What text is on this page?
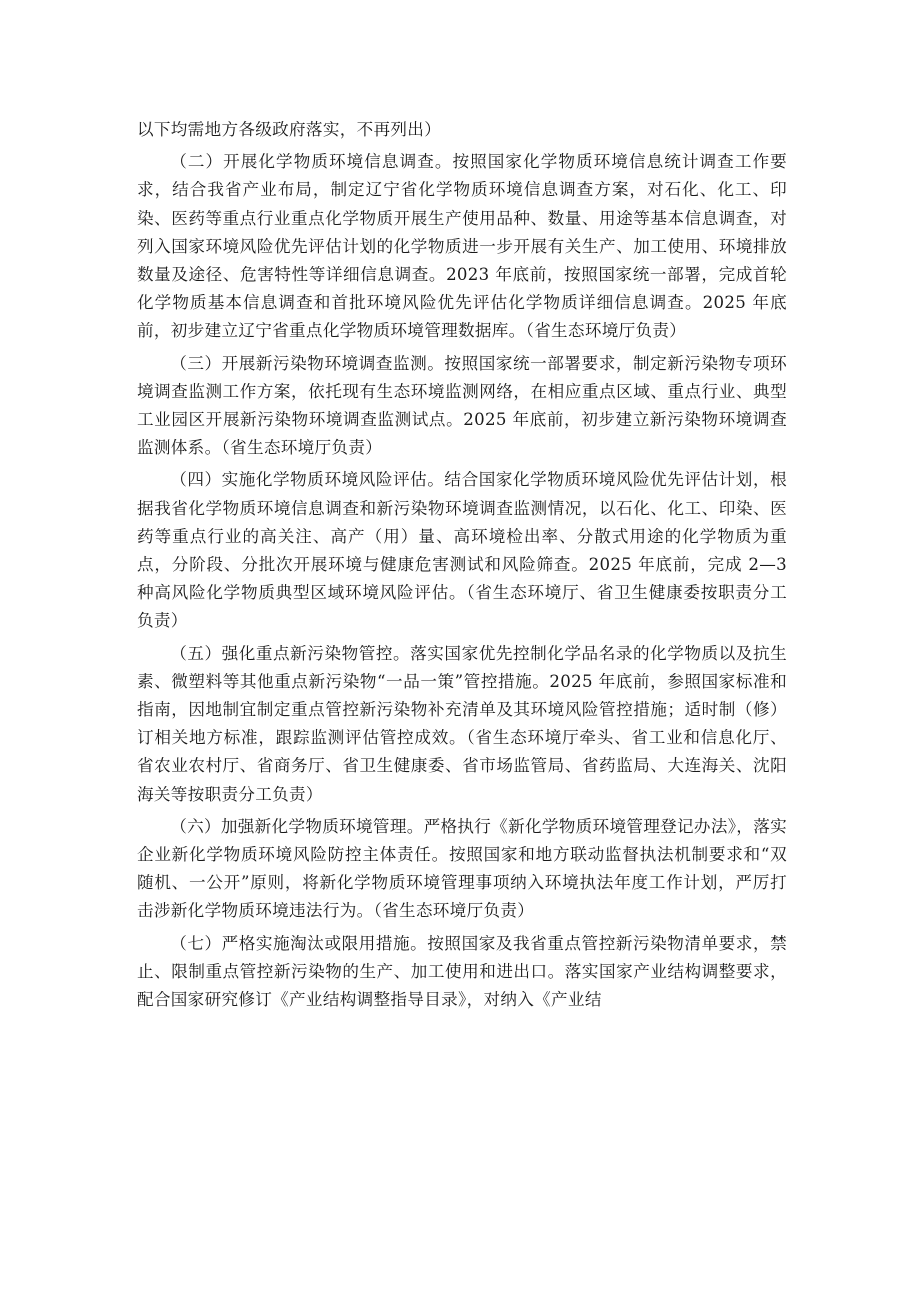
以下均需地方各级政府落实，不再列出）

（二）开展化学物质环境信息调查。按照国家化学物质环境信息统计调查工作要求，结合我省产业布局，制定辽宁省化学物质环境信息调查方案，对石化、化工、印染、医药等重点行业重点化学物质开展生产使用品种、数量、用途等基本信息调查，对列入国家环境风险优先评估计划的化学物质进一步开展有关生产、加工使用、环境排放数量及途径、危害特性等详细信息调查。2023 年底前，按照国家统一部署，完成首轮化学物质基本信息调查和首批环境风险优先评估化学物质详细信息调查。2025 年底前，初步建立辽宁省重点化学物质环境管理数据库。（省生态环境厅负责）

（三）开展新污染物环境调查监测。按照国家统一部署要求，制定新污染物专项环境调查监测工作方案，依托现有生态环境监测网络，在相应重点区域、重点行业、典型工业园区开展新污染物环境调查监测试点。2025 年底前，初步建立新污染物环境调查监测体系。（省生态环境厅负责）

（四）实施化学物质环境风险评估。结合国家化学物质环境风险优先评估计划，根据我省化学物质环境信息调查和新污染物环境调查监测情况，以石化、化工、印染、医药等重点行业的高关注、高产（用）量、高环境检出率、分散式用途的化学物质为重点，分阶段、分批次开展环境与健康危害测试和风险筛查。2025 年底前，完成 2—3 种高风险化学物质典型区域环境风险评估。（省生态环境厅、省卫生健康委按职责分工负责）

（五）强化重点新污染物管控。落实国家优先控制化学品名录的化学物质以及抗生素、微塑料等其他重点新污染物“一品一策”管控措施。2025 年底前，参照国家标准和指南，因地制宜制定重点管控新污染物补充清单及其环境风险管控措施；适时制（修）订相关地方标准，跟踪监测评估管控成效。（省生态环境厅牵头、省工业和信息化厅、省农业农村厅、省商务厅、省卫生健康委、省市场监管局、省药监局、大连海关、沈阳海关等按职责分工负责）

（六）加强新化学物质环境管理。严格执行《新化学物质环境管理登记办法》，落实企业新化学物质环境风险防控主体责任。按照国家和地方联动监督执法机制要求和“双随机、一公开”原则，将新化学物质环境管理事项纳入环境执法年度工作计划，严厉打击涉新化学物质环境违法行为。（省生态环境厅负责）

（七）严格实施淘汰或限用措施。按照国家及我省重点管控新污染物清单要求，禁止、限制重点管控新污染物的生产、加工使用和进出口。落实国家产业结构调整要求，配合国家研究修订《产业结构调整指导目录》，对纳入《产业结
